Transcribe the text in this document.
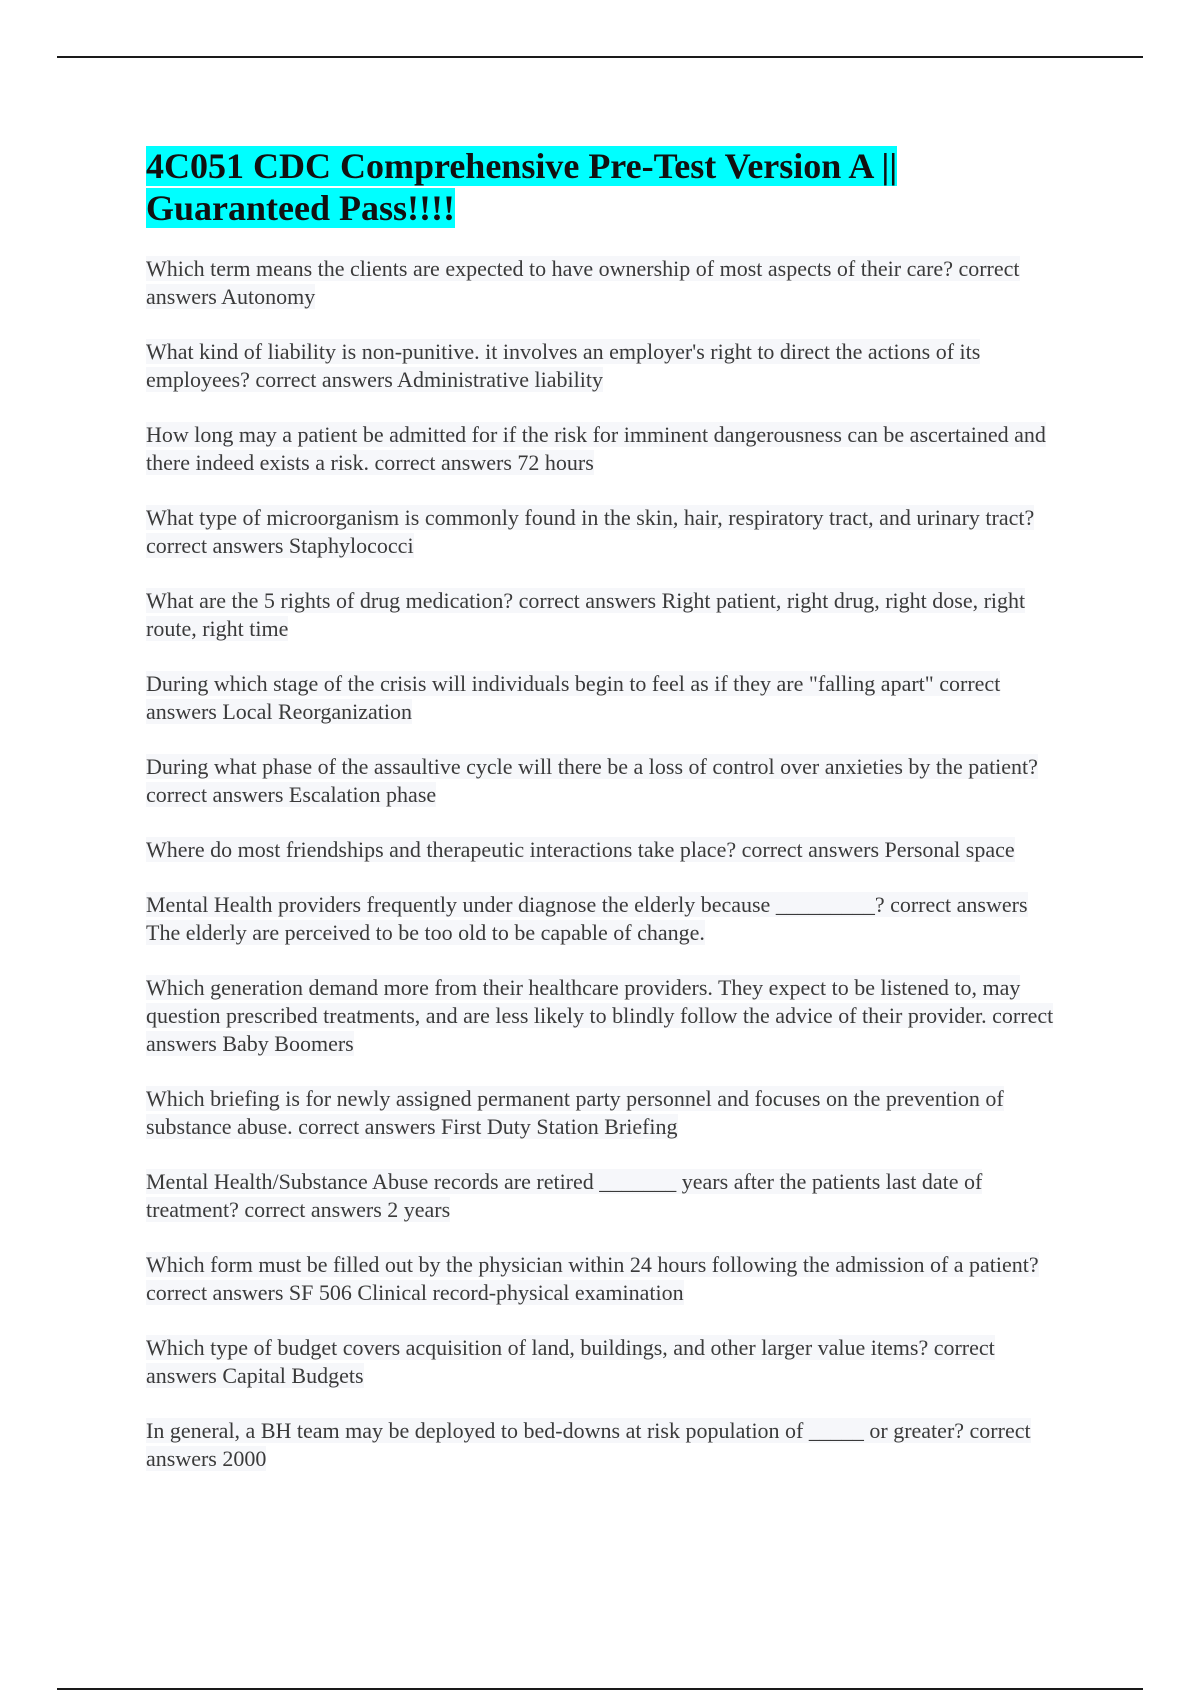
4C051 CDC Comprehensive Pre-Test Version A || Guaranteed Pass!!!!
Which term means the clients are expected to have ownership of most aspects of their care? correct answers Autonomy
What kind of liability is non-punitive. it involves an employer's right to direct the actions of its employees? correct answers Administrative liability
How long may a patient be admitted for if the risk for imminent dangerousness can be ascertained and there indeed exists a risk. correct answers 72 hours
What type of microorganism is commonly found in the skin, hair, respiratory tract, and urinary tract? correct answers Staphylococci
What are the 5 rights of drug medication? correct answers Right patient, right drug, right dose, right route, right time
During which stage of the crisis will individuals begin to feel as if they are "falling apart" correct answers Local Reorganization
During what phase of the assaultive cycle will there be a loss of control over anxieties by the patient? correct answers Escalation phase
Where do most friendships and therapeutic interactions take place? correct answers Personal space
Mental Health providers frequently under diagnose the elderly because _________? correct answers The elderly are perceived to be too old to be capable of change.
Which generation demand more from their healthcare providers. They expect to be listened to, may question prescribed treatments, and are less likely to blindly follow the advice of their provider. correct answers Baby Boomers
Which briefing is for newly assigned permanent party personnel and focuses on the prevention of substance abuse. correct answers First Duty Station Briefing
Mental Health/Substance Abuse records are retired _______ years after the patients last date of treatment? correct answers 2 years
Which form must be filled out by the physician within 24 hours following the admission of a patient? correct answers SF 506 Clinical record-physical examination
Which type of budget covers acquisition of land, buildings, and other larger value items? correct answers Capital Budgets
In general, a BH team may be deployed to bed-downs at risk population of _____ or greater? correct answers 2000
